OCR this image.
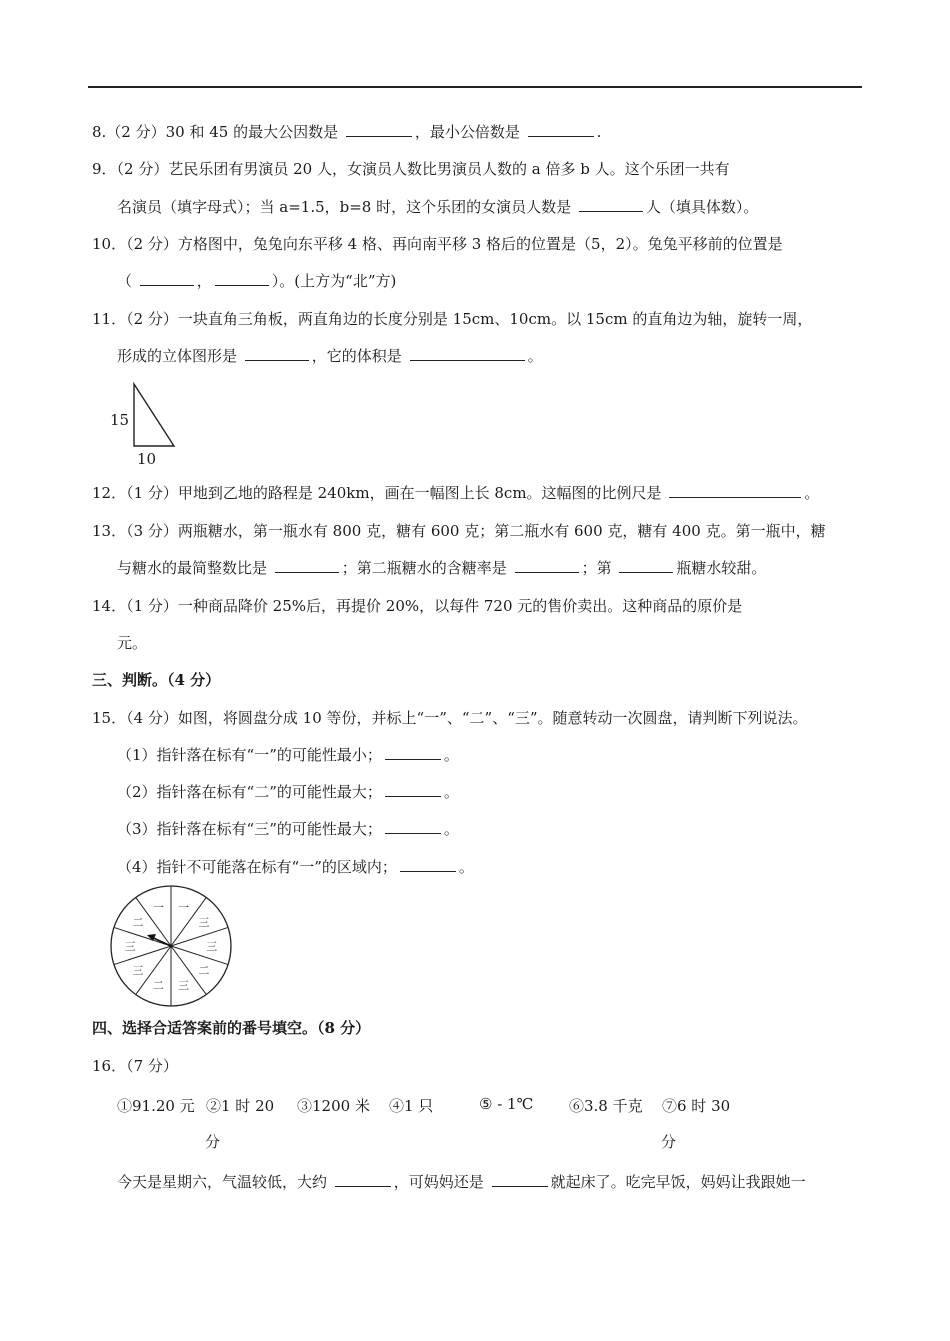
8.（2 分）30 和 45 的最大公因数是	，最小公倍数是	.
9．（2 分）艺民乐团有男演员 20 人，女演员人数比男演员人数的 a 倍多 b 人。这个乐团一共有
名演员（填字母式）；当 a=1.5，b=8 时，这个乐团的女演员人数是	人（填具体数）。
10．（2 分）方格图中，兔兔向东平移 4 格、再向南平移 3 格后的位置是（5，2）。兔兔平移前的位置是
（	，	）。(上方为“北”方)
11．（2 分）一块直角三角板，两直角边的长度分别是 15cm、10cm。以 15cm 的直角边为轴，旋转一周，
形成的立体图形是	，它的体积是	。
15
10
12．（1 分）甲地到乙地的路程是 240km，画在一幅图上长 8cm。这幅图的比例尺是	。
13．（3 分）两瓶糖水，第一瓶水有 800 克，糖有 600 克；第二瓶水有 600 克，糖有 400 克。第一瓶中，糖
与糖水的最简整数比是	；第二瓶糖水的含糖率是	；第	瓶糖水较甜。
14．（1 分）一种商品降价 25%后，再提价 20%，以每件 720 元的售价卖出。这种商品的原价是
元。
三、判断。（4 分）
15．（4 分）如图，将圆盘分成 10 等份，并标上“一”、“二”、“三”。随意转动一次圆盘，请判断下列说法。
（1）指针落在标有“一”的可能性最小；	。
（2）指针落在标有“二”的可能性最大；	。
（3）指针落在标有“三”的可能性最大；	。
（4）指针不可能落在标有“一”的区域内；	。
一
三
三
二
三
二
三
三
二
一
四、选择合适答案前的番号填空。（8 分）
16．（7 分）
①91.20 元 ②1 时 20 ③1200 米 ④1 只	⑤ - 1℃ ⑥3.8 千克 ⑦6 时 30
分	分
今天是星期六，气温较低，大约	，可妈妈还是	就起床了。吃完早饭，妈妈让我跟她一
